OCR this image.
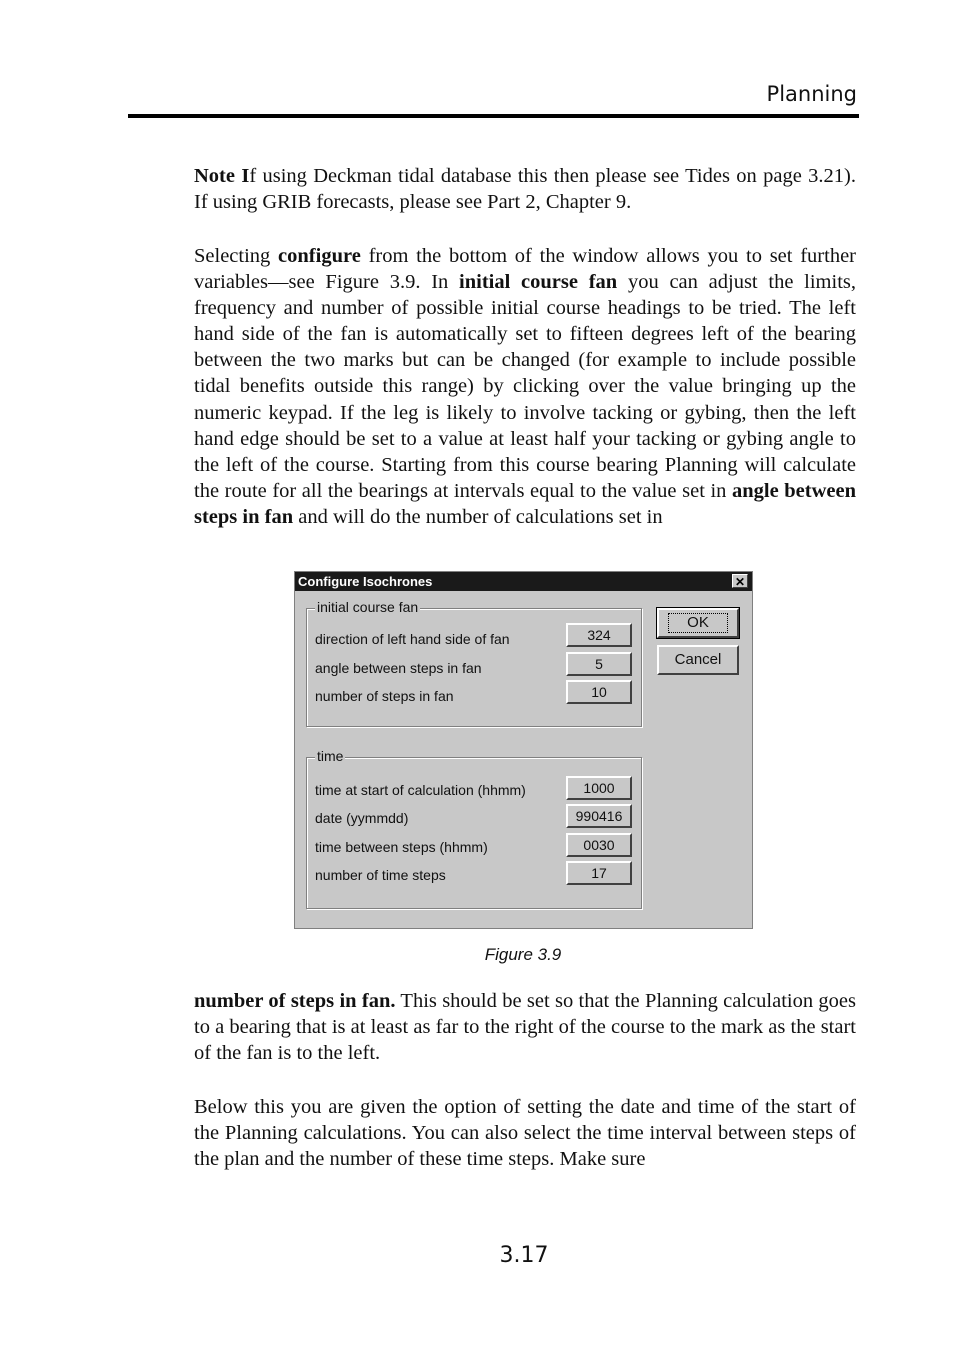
Planning

Note If using Deckman tidal database this then please see Tides on page 3.21). If using GRIB forecasts, please see Part 2, Chapter 9.

Selecting configure from the bottom of the window allows you to set further variables—see Figure 3.9. In initial course fan you can adjust the limits, frequency and number of possible initial course headings to be tried. The left hand side of the fan is automatically set to fifteen degrees left of the bearing between the two marks but can be changed (for example to include possible tidal benefits outside this range) by clicking over the value bringing up the numeric keypad. If the leg is likely to involve tacking or gybing, then the left hand edge should be set to a value at least half your tacking or gybing angle to the left of the course. Starting from this course bearing Planning will calculate the route for all the bearings at intervals equal to the value set in angle between steps in fan and will do the number of calculations set in

Configure Isochrones	✕
initial course fan
direction of left hand side of fan	324
angle between steps in fan	5
number of steps in fan	10
time
time at start of calculation (hhmm)	1000
date (yymmdd)	990416
time between steps (hhmm)	0030
number of time steps	17
OK
Cancel
Figure 3.9

number of steps in fan. This should be set so that the Planning calculation goes to a bearing that is at least as far to the right of the course to the mark as the start of the fan is to the left.

Below this you are given the option of setting the date and time of the start of the Planning calculations. You can also select the time interval between steps of the plan and the number of these time steps. Make sure

3.17
